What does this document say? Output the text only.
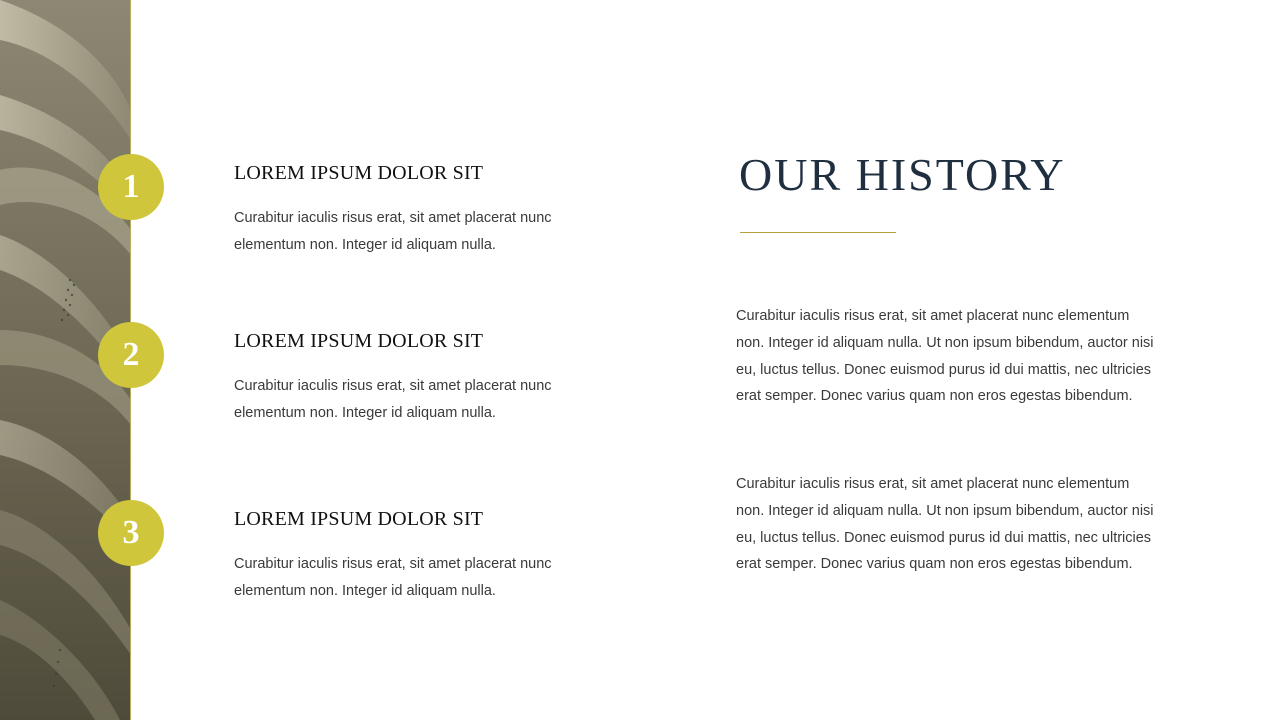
1	LOREM IPSUM DOLOR SIT
Curabitur iaculis risus erat, sit amet placerat nunc elementum non. Integer id aliquam nulla.
2	LOREM IPSUM DOLOR SIT
Curabitur iaculis risus erat, sit amet placerat nunc elementum non. Integer id aliquam nulla.
3	LOREM IPSUM DOLOR SIT
Curabitur iaculis risus erat, sit amet placerat nunc elementum non. Integer id aliquam nulla.
OUR HISTORY
Curabitur iaculis risus erat, sit amet placerat nunc elementum non. Integer id aliquam nulla. Ut non ipsum bibendum, auctor nisi eu, luctus tellus. Donec euismod purus id dui mattis, nec ultricies erat semper. Donec varius quam non eros egestas bibendum.
Curabitur iaculis risus erat, sit amet placerat nunc elementum non. Integer id aliquam nulla. Ut non ipsum bibendum, auctor nisi eu, luctus tellus. Donec euismod purus id dui mattis, nec ultricies erat semper. Donec varius quam non eros egestas bibendum.
